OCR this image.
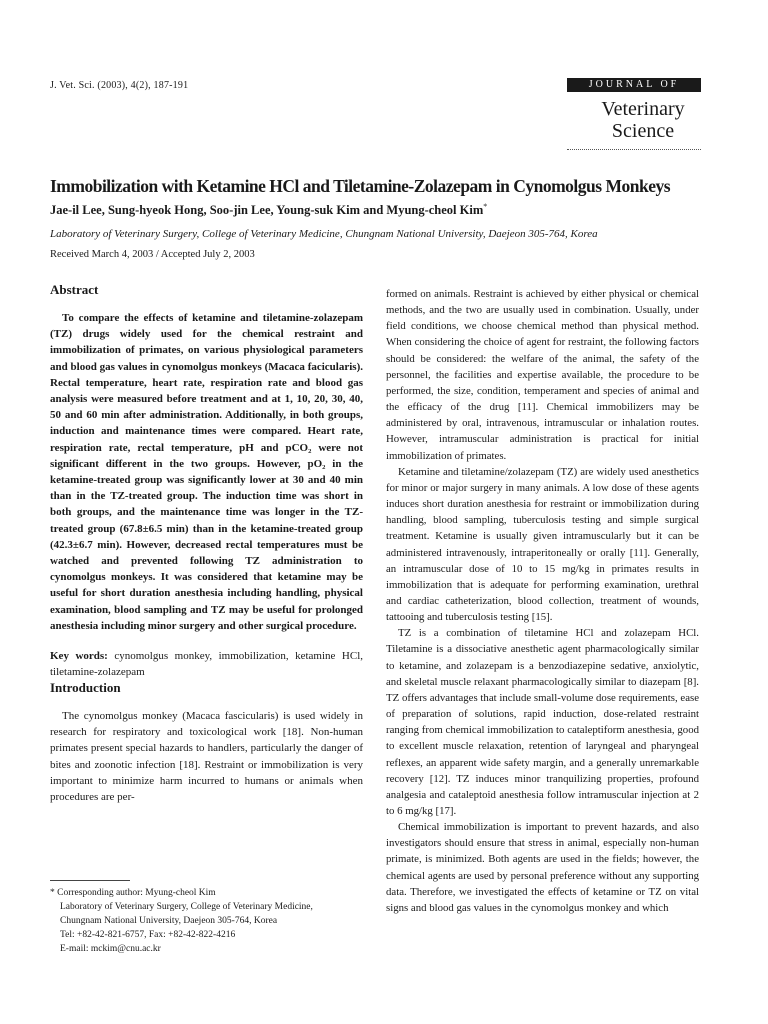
J. Vet. Sci. (2003), 4(2), 187-191	JOURNAL OF
Veterinary
Science
Immobilization with Ketamine HCl and Tiletamine-Zolazepam in Cynomolgus Monkeys
Jae-il Lee, Sung-hyeok Hong, Soo-jin Lee, Young-suk Kim and Myung-cheol Kim*
Laboratory of Veterinary Surgery, College of Veterinary Medicine, Chungnam National University, Daejeon 305-764, Korea
Received March 4, 2003 / Accepted July 2, 2003
Abstract

To compare the effects of ketamine and tiletamine-zolazepam (TZ) drugs widely used for the chemical restraint and immobilization of primates, on various physiological parameters and blood gas values in cynomolgus monkeys (Macaca facicularis). Rectal temperature, heart rate, respiration rate and blood gas analysis were measured before treatment and at 1, 10, 20, 30, 40, 50 and 60 min after administration. Additionally, in both groups, induction and maintenance times were compared. Heart rate, respiration rate, rectal temperature, pH and pCO₂ were not significant different in the two groups. However, pO₂ in the ketamine-treated group was significantly lower at 30 and 40 min than in the TZ-treated group. The induction time was short in both groups, and the maintenance time was longer in the TZ-treated group (67.8±6.5 min) than in the ketamine-treated group (42.3±6.7 min). However, decreased rectal temperatures must be watched and prevented following TZ administration to cynomolgus monkeys. It was considered that ketamine may be useful for short duration anesthesia including handling, physical examination, blood sampling and TZ may be useful for prolonged anesthesia including minor surgery and other surgical procedure.

Key words: cynomolgus monkey, immobilization, ketamine HCl, tiletamine-zolazepam

Introduction

The cynomolgus monkey (Macaca fascicularis) is used widely in research for respiratory and toxicological work [18]. Non-human primates present special hazards to handlers, particularly the danger of bites and zoonotic infection [18]. Restraint or immobilization is very important to minimize harm incurred to humans or animals when procedures are per-

formed on animals. Restraint is achieved by either physical or chemical methods, and the two are usually used in combination. Usually, under field conditions, we choose chemical method than physical method. When considering the choice of agent for restraint, the following factors should be considered: the welfare of the animal, the safety of the personnel, the facilities and expertise available, the procedure to be performed, the size, condition, temperament and species of animal and the efficacy of the drug [11]. Chemical immobilizers may be administered by oral, intravenous, intramuscular or inhalation routes. However, intramuscular administration is practical for initial immobilization of primates.

Ketamine and tiletamine/zolazepam (TZ) are widely used anesthetics for minor or major surgery in many animals. A low dose of these agents induces short duration anesthesia for restraint or immobilization during handling, blood sampling, tuberculosis testing and simple surgical treatment. Ketamine is usually given intramuscularly but it can be administered intravenously, intraperitoneally or orally [11]. Generally, an intramuscular dose of 10 to 15 mg/kg in primates results in immobilization that is adequate for performing examination, urethral and cardiac catheterization, blood collection, treatment of wounds, tattooing and tuberculosis testing [15].

TZ is a combination of tiletamine HCl and zolazepam HCl. Tiletamine is a dissociative anesthetic agent pharmacologically similar to ketamine, and zolazepam is a benzodiazepine sedative, anxiolytic, and skeletal muscle relaxant pharmacologically similar to diazepam [8]. TZ offers advantages that include small-volume dose requirements, ease of preparation of solutions, rapid induction, dose-related restraint ranging from chemical immobilization to cataleptiform anesthesia, good to excellent muscle relaxation, retention of laryngeal and pharyngeal reflexes, an apparent wide safety margin, and a generally unremarkable recovery [12]. TZ induces minor tranquilizing properties, profound analgesia and cataleptoid anesthesia follow intramuscular injection at 2 to 6 mg/kg [17].

Chemical immobilization is important to prevent hazards, and also investigators should ensure that stress in animal, especially non-human primate, is minimized. Both agents are used in the fields; however, the chemical agents are used by personal preference without any supporting data. Therefore, we investigated the effects of ketamine or TZ on vital signs and blood gas values in the cynomolgus monkey and which

* Corresponding author: Myung-cheol Kim
Laboratory of Veterinary Surgery, College of Veterinary Medicine,
Chungnam National University, Daejeon 305-764, Korea
Tel: +82-42-821-6757, Fax: +82-42-822-4216
E-mail: mckim@cnu.ac.kr
